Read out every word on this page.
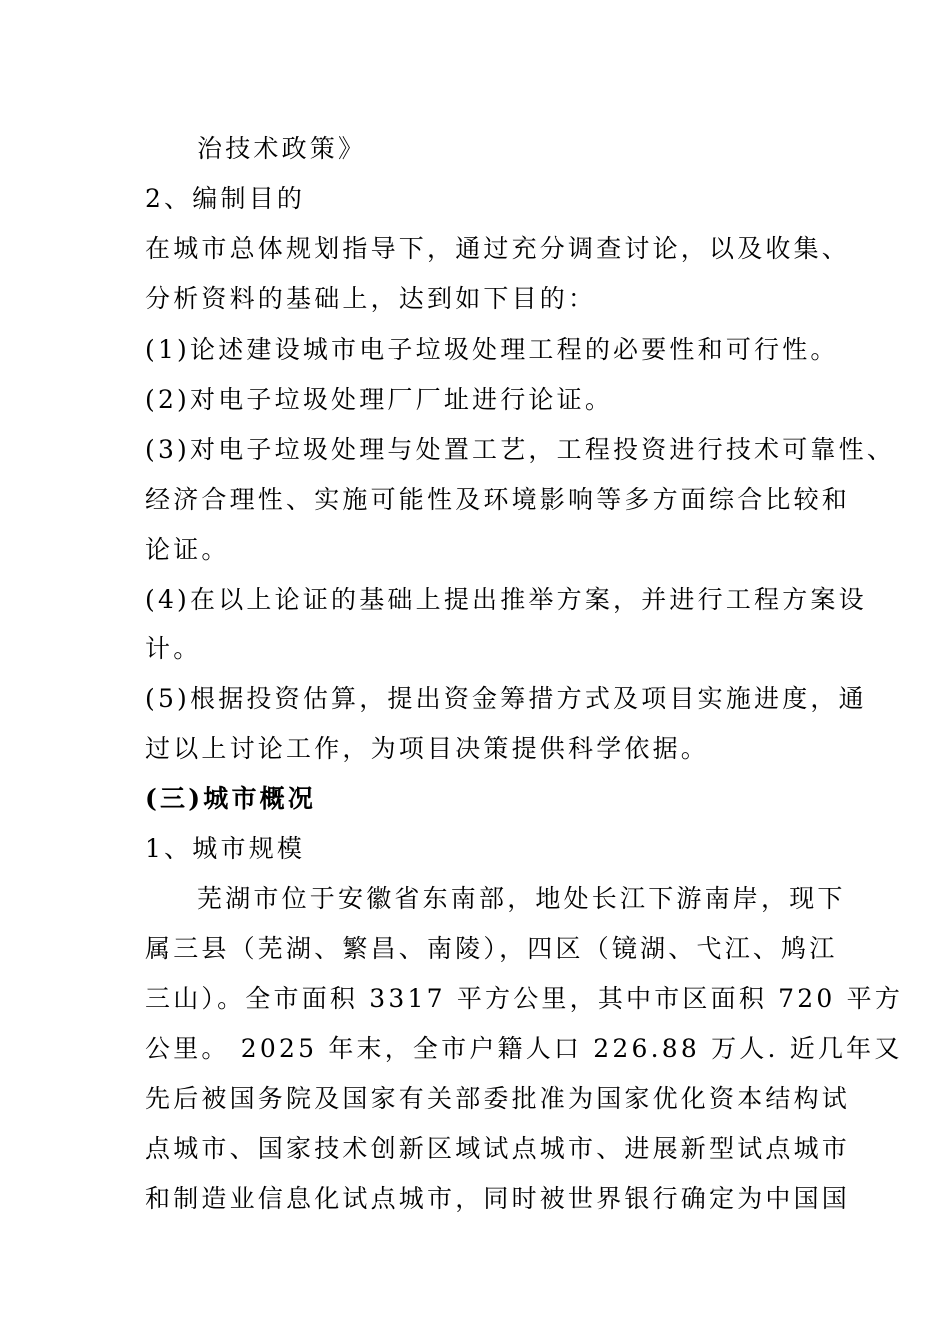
治技术政策》
2、编制目的
在城市总体规划指导下，通过充分调查讨论，以及收集、
分析资料的基础上，达到如下目的：
(1)论述建设城市电子垃圾处理工程的必要性和可行性。
(2)对电子垃圾处理厂厂址进行论证。
(3)对电子垃圾处理与处置工艺，工程投资进行技术可靠性、
经济合理性、实施可能性及环境影响等多方面综合比较和
论证。
(4)在以上论证的基础上提出推举方案，并进行工程方案设
计。
(5)根据投资估算，提出资金筹措方式及项目实施进度，通
过以上讨论工作，为项目决策提供科学依据。
(三)城市概况
1、城市规模
芜湖市位于安徽省东南部，地处长江下游南岸，现下
属三县（芜湖、繁昌、南陵），四区（镜湖、弋江、鸠江
三山）。全市面积 3317 平方公里，其中市区面积 720 平方
公里。 2025 年末，全市户籍人口 226.88 万人. 近几年又
先后被国务院及国家有关部委批准为国家优化资本结构试
点城市、国家技术创新区域试点城市、进展新型试点城市
和制造业信息化试点城市，同时被世界银行确定为中国国
